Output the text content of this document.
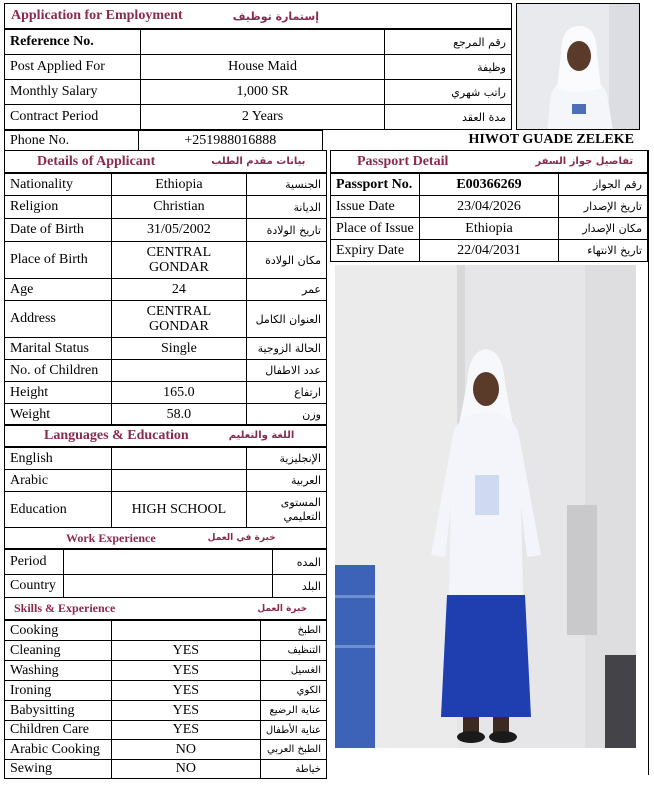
Application for Employment	إستمارة توظيف
Reference No.		رقم المرجع
Post Applied For	House Maid	وظيفة
Monthly Salary	1,000 SR	راتب شهري
Contract Period	2 Years	مدة العقد
Phone No.	+251988016888	HIWOT GUADE ZELEKE
Details of Applicant	بيانات مقدم الطلب
Nationality	Ethiopia	الجنسية
Religion	Christian	الديانة
Date of Birth	31/05/2002	تاريخ الولادة
Place of Birth	CENTRAL GONDAR	مكان الولادة
Age	24	عمر
Address	CENTRAL GONDAR	العنوان الكامل
Marital Status	Single	الحالة الزوجية
No. of Children		عدد الاطفال
Height	165.0	ارتفاع
Weight	58.0	وزن
Languages & Education	اللغة والتعليم
English		الإنجليزية
Arabic		العربية
Education	HIGH SCHOOL	المستوى التعليمي
Work Experience	خبرة في العمل
Period		المده
Country		البلد
Skills & Experience	خبرة العمل
Cooking		الطبخ
Cleaning	YES	التنظيف
Washing	YES	الغسيل
Ironing	YES	الكوي
Babysitting	YES	عناية الرضيع
Children Care	YES	عناية الأطفال
Arabic Cooking	NO	الطبخ العربي
Sewing	NO	خياطة
Passport Detail	تفاصيل جواز السفر
Passport No.	E00366269	رقم الجواز
Issue Date	23/04/2026	تاريخ الإصدار
Place of Issue	Ethiopia	مكان الإصدار
Expiry Date	22/04/2031	تاريخ الانتهاء
